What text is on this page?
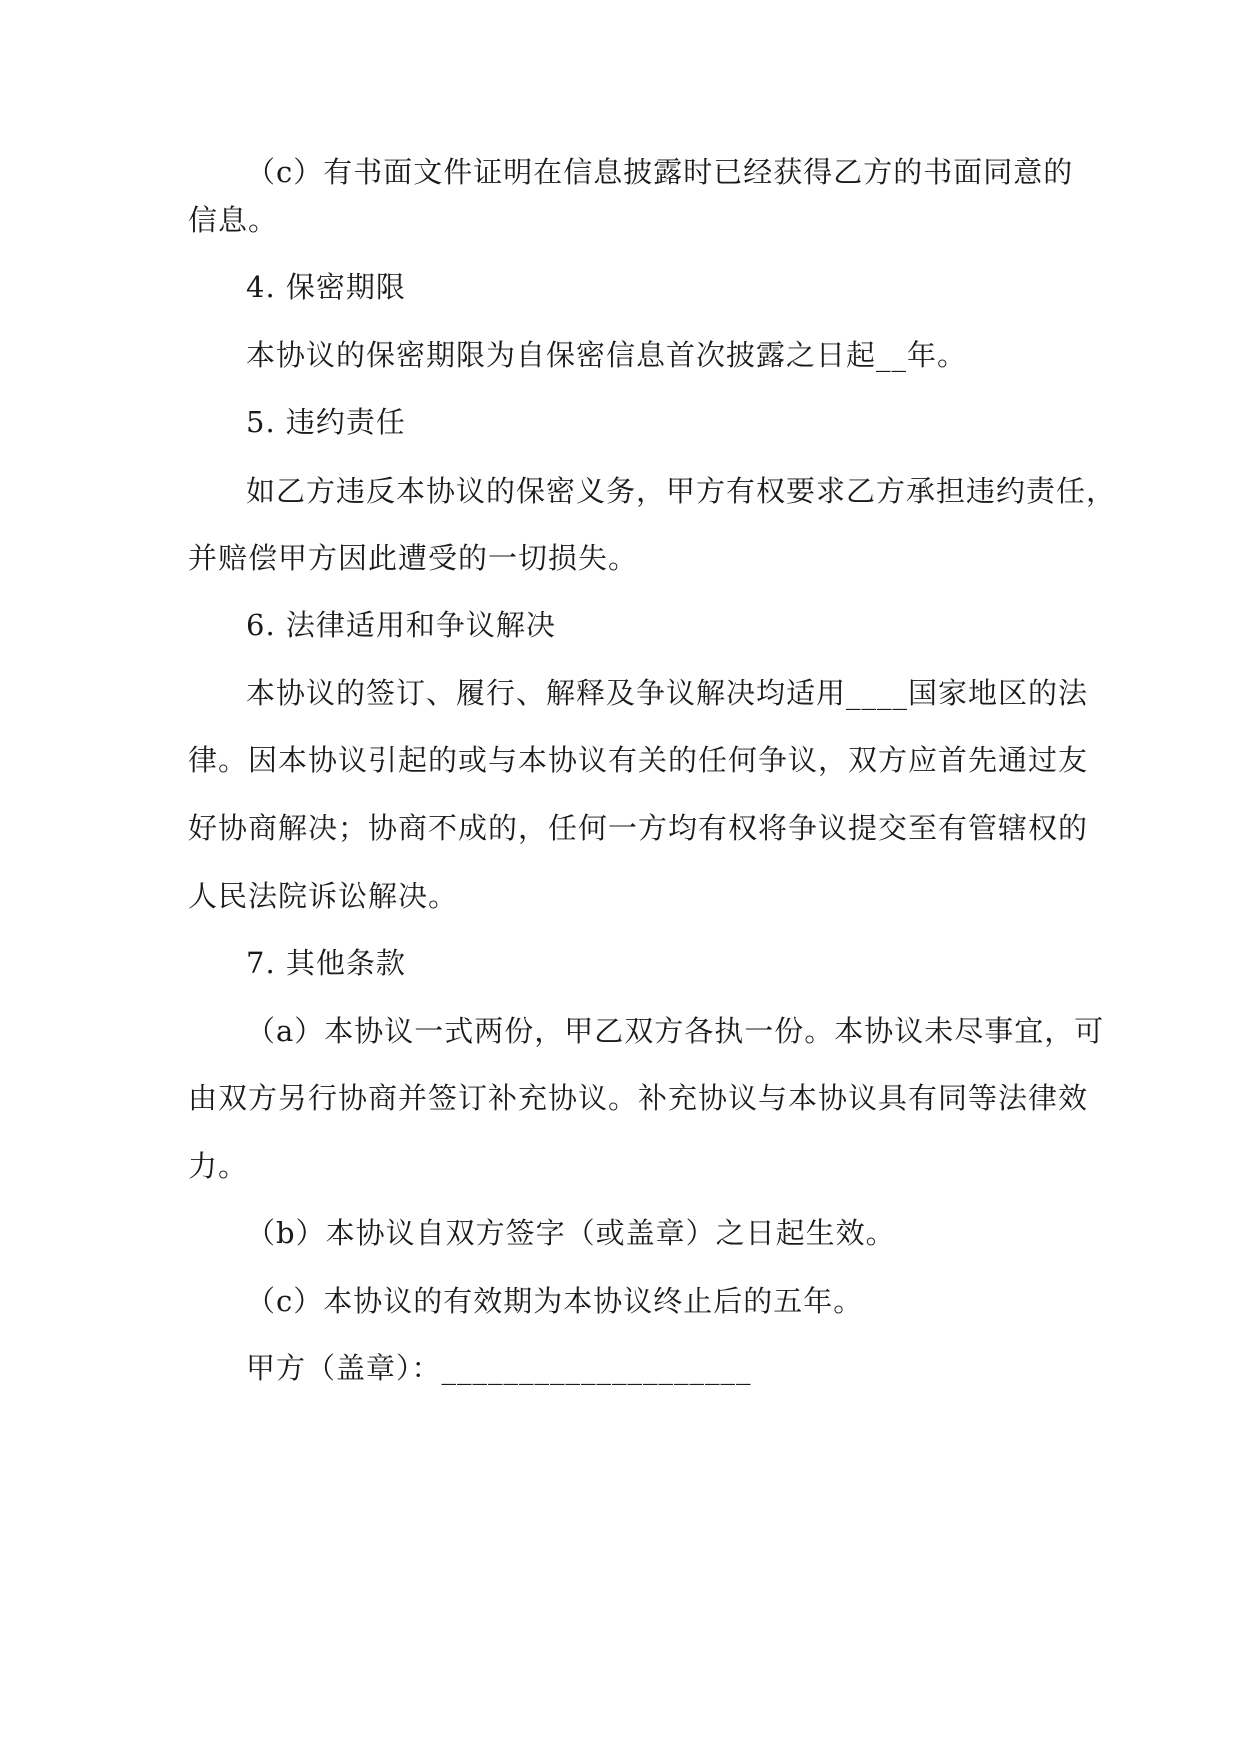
（c）有书面文件证明在信息披露时已经获得乙方的书面同意的
信息。
4. 保密期限
本协议的保密期限为自保密信息首次披露之日起__年。
5. 违约责任
如乙方违反本协议的保密义务，甲方有权要求乙方承担违约责任，
并赔偿甲方因此遭受的一切损失。
6. 法律适用和争议解决
本协议的签订、履行、解释及争议解决均适用____国家地区的法
律。因本协议引起的或与本协议有关的任何争议，双方应首先通过友
好协商解决；协商不成的，任何一方均有权将争议提交至有管辖权的
人民法院诉讼解决。
7. 其他条款
（a）本协议一式两份，甲乙双方各执一份。本协议未尽事宜，可
由双方另行协商并签订补充协议。补充协议与本协议具有同等法律效
力。
（b）本协议自双方签字（或盖章）之日起生效。
（c）本协议的有效期为本协议终止后的五年。
甲方（盖章）：____________________
